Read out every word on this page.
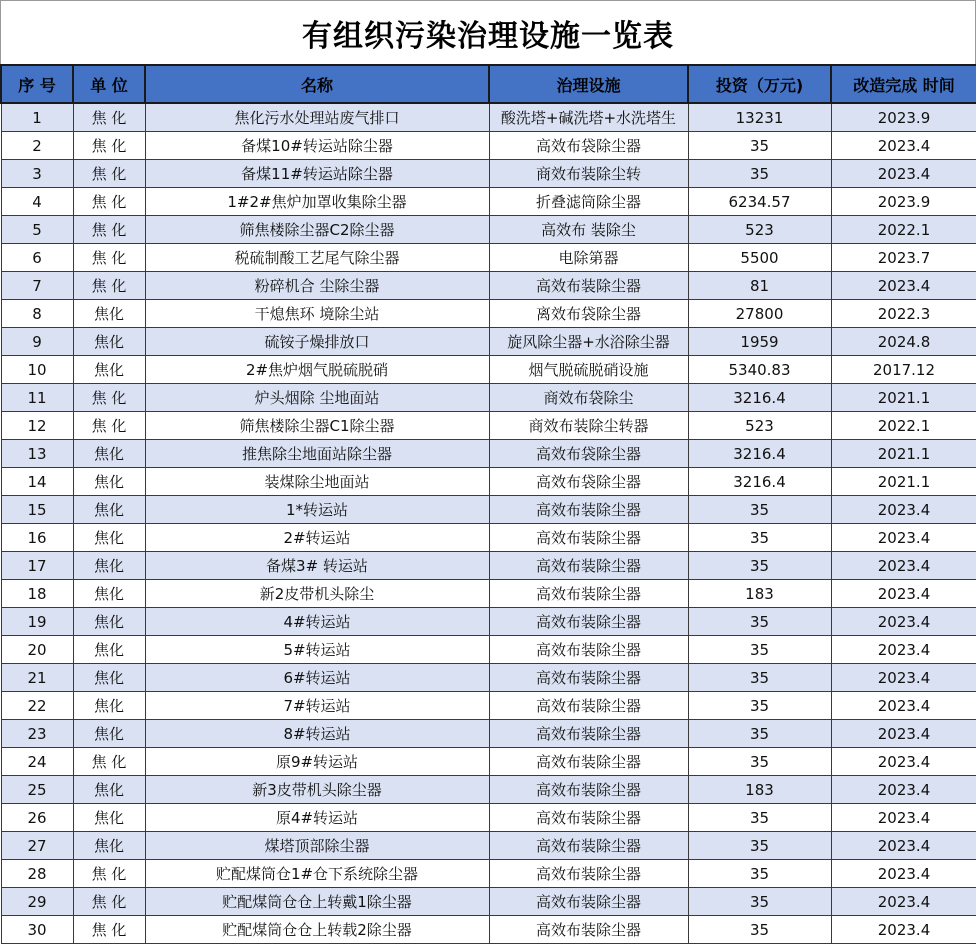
有组织污染治理设施一览表
序 号	单 位	名称	治理设施	投资（万元)	改造完成 时间
1	焦 化	焦化污水处理站废气排口	酸洗塔+碱洗塔+水洗塔生	13231	2023.9
2	焦 化	备煤10#转运站除尘器	高效布袋除尘器	35	2023.4
3	焦 化	备煤11#转运站除尘器	商效布装除尘转	35	2023.4
4	焦 化	1#2#焦炉加罩收集除尘器	折叠滤筒除尘器	6234.57	2023.9
5	焦 化	筛焦楼除尘器C2除尘器	高效布 装除尘	523	2022.1
6	焦 化	税硫制酸工艺尾气除尘器	电除第器	5500	2023.7
7	焦 化	粉碎机合 尘除尘器	高效布装除尘器	81	2023.4
8	焦化	干熄焦环 境除尘站	离效布袋除尘器	27800	2022.3
9	焦化	硫铵子燥排放口	旋风除尘器+水浴除尘器	1959	2024.8
10	焦化	2#焦炉烟气脱硫脱硝	烟气脱硫脱硝设施	5340.83	2017.12
11	焦 化	炉头烟除 尘地面站	商效布袋除尘	3216.4	2021.1
12	焦 化	筛焦楼除尘器C1除尘器	商效布装除尘转器	523	2022.1
13	焦化	推焦除尘地面站除尘器	高效布袋除尘器	3216.4	2021.1
14	焦化	装煤除尘地面站	高效布袋除尘器	3216.4	2021.1
15	焦化	1*转运站	高效布装除尘器	35	2023.4
16	焦化	2#转运站	高效布装除尘器	35	2023.4
17	焦化	备煤3# 转运站	高效布装除尘器	35	2023.4
18	焦化	新2皮带机头除尘	高效布装除尘器	183	2023.4
19	焦化	4#转运站	高效布装除尘器	35	2023.4
20	焦化	5#转运站	高效布装除尘器	35	2023.4
21	焦化	6#转运站	高效布装除尘器	35	2023.4
22	焦化	7#转运站	高效布装除尘器	35	2023.4
23	焦化	8#转运站	高效布装除尘器	35	2023.4
24	焦 化	原9#转运站	高效布装除尘器	35	2023.4
25	焦化	新3皮带机头除尘器	高效布装除尘器	183	2023.4
26	焦化	原4#转运站	高效布装除尘器	35	2023.4
27	焦化	煤塔顶部除尘器	高效布装除尘器	35	2023.4
28	焦 化	贮配煤筒仓1#仓下系统除尘器	高效布装除尘器	35	2023.4
29	焦 化	贮配煤筒仓仓上转戴1除尘器	高效布装除尘器	35	2023.4
30	焦 化	贮配煤筒仓仓上转载2除尘器	高效布装除尘器	35	2023.4
